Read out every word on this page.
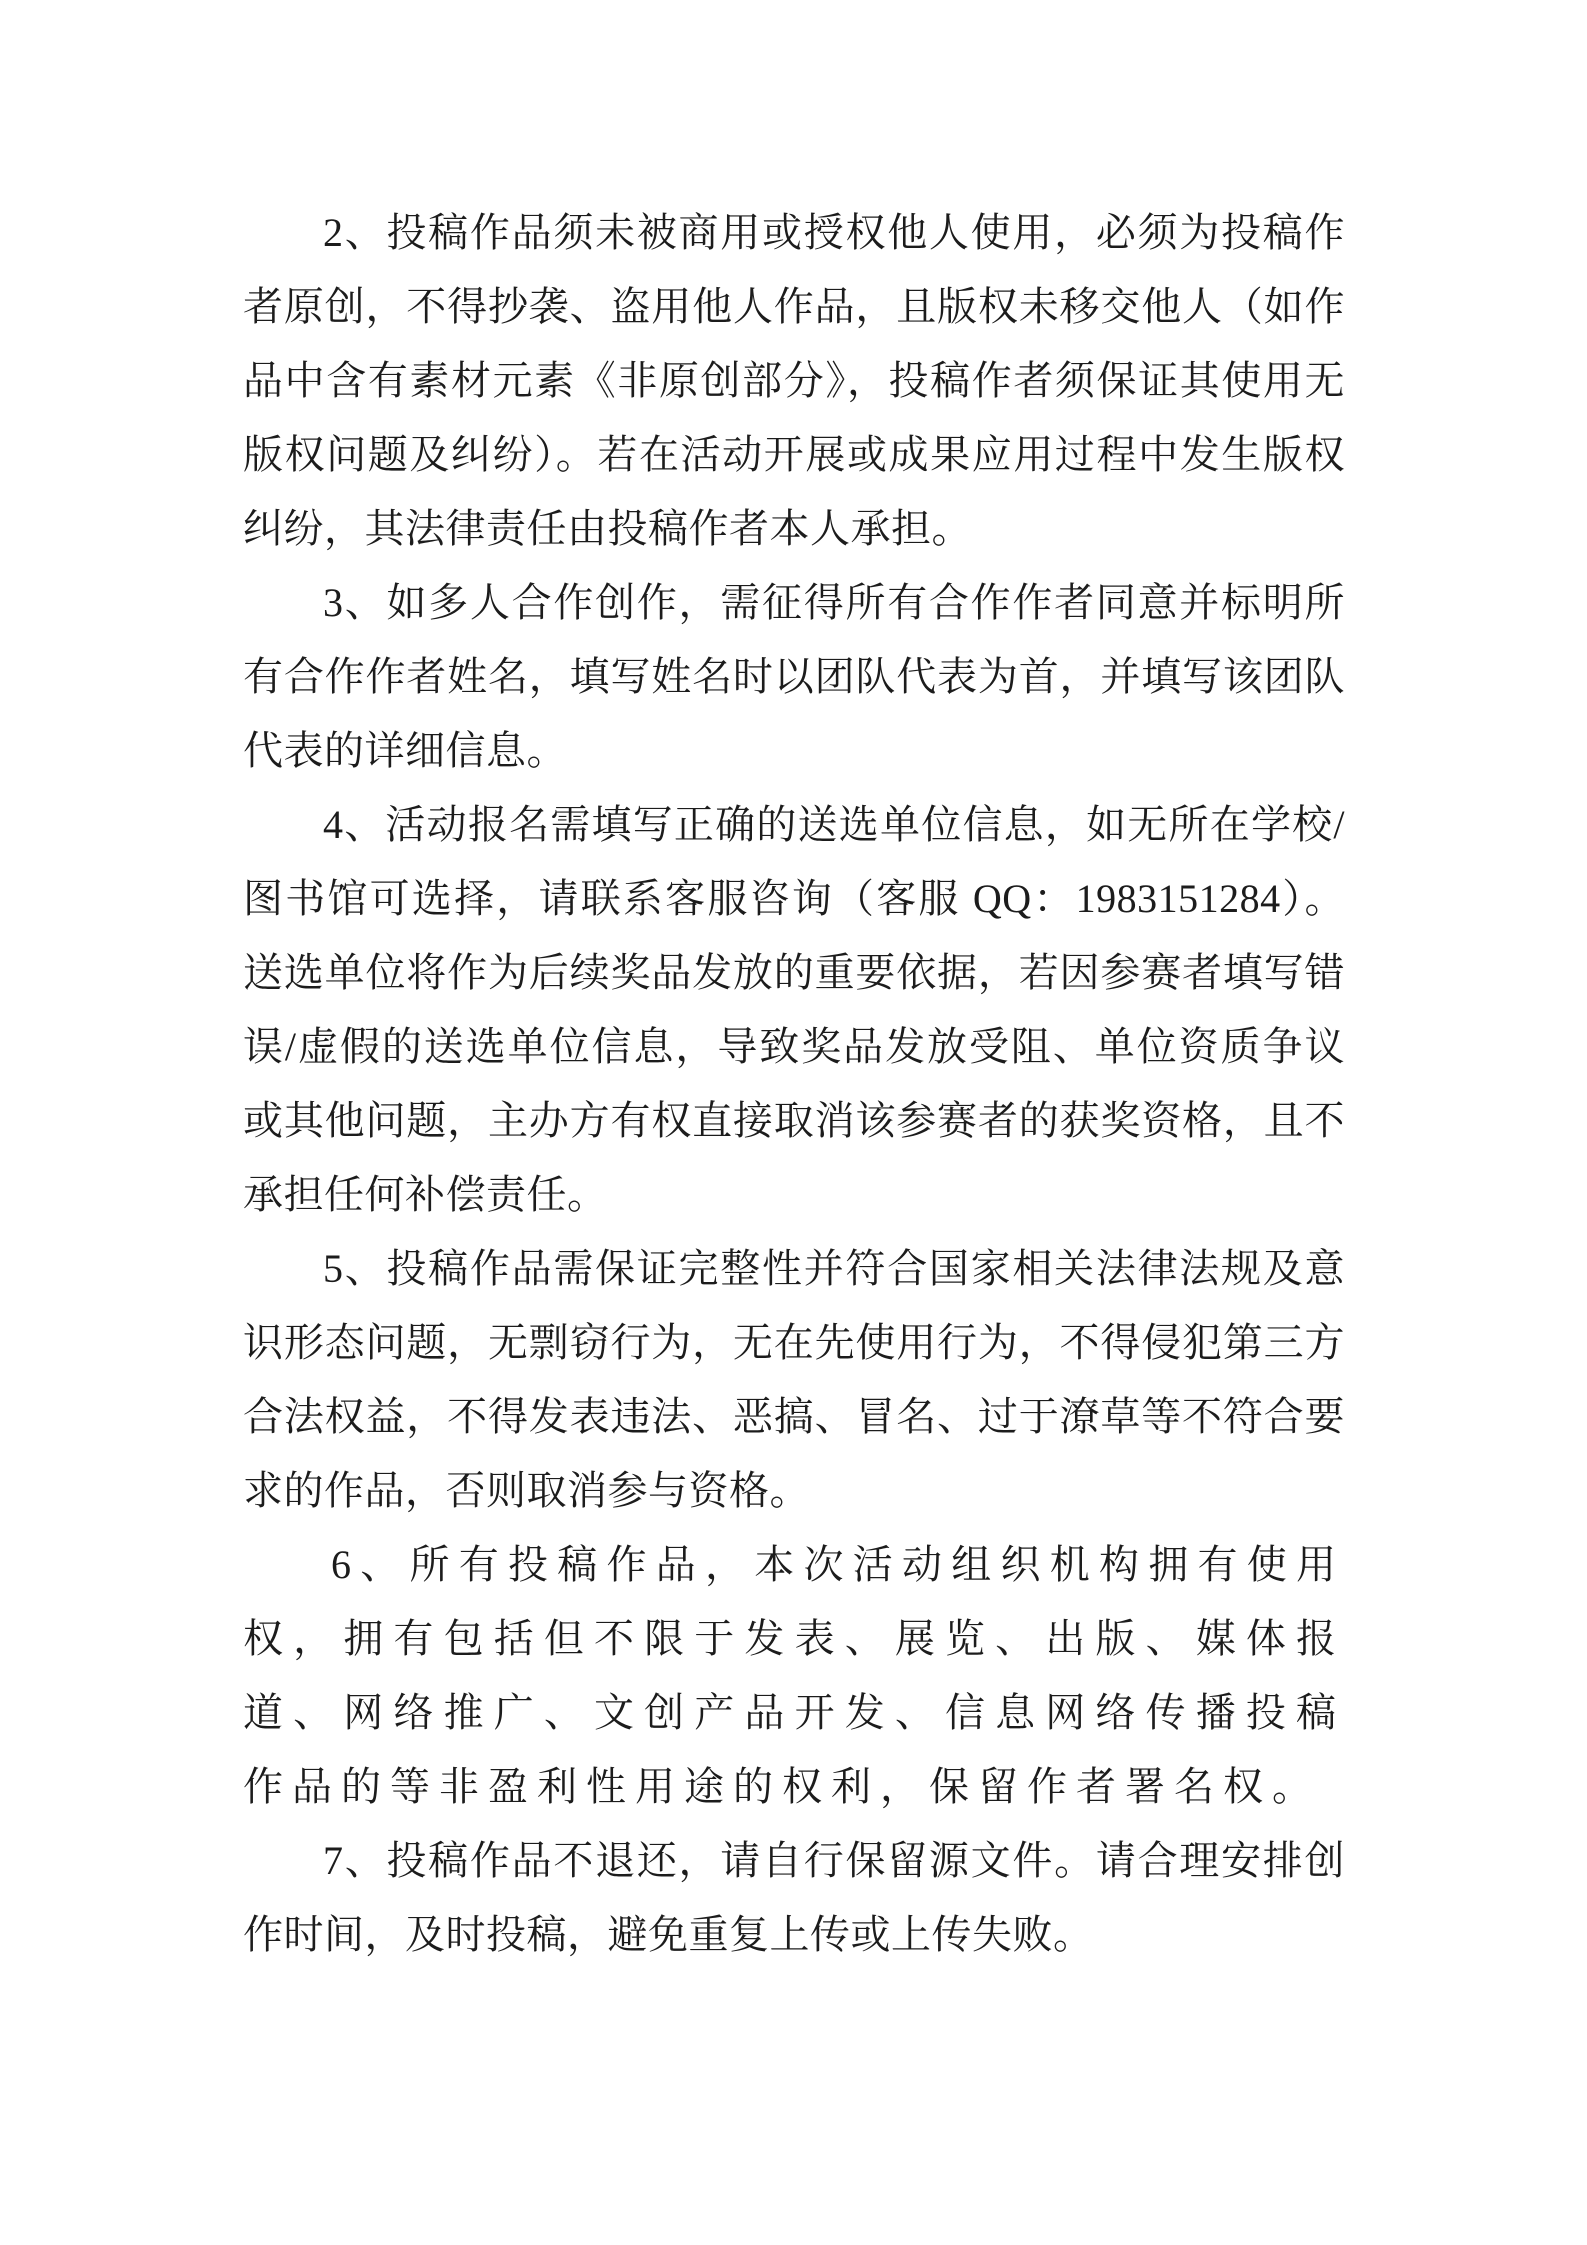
2、投稿作品须未被商用或授权他人使用，必须为投稿作者原创，不得抄袭、盗用他人作品，且版权未移交他人（如作品中含有素材元素《非原创部分》，投稿作者须保证其使用无版权问题及纠纷）。若在活动开展或成果应用过程中发生版权纠纷，其法律责任由投稿作者本人承担。

3、如多人合作创作，需征得所有合作作者同意并标明所有合作作者姓名，填写姓名时以团队代表为首，并填写该团队代表的详细信息。

4、活动报名需填写正确的送选单位信息，如无所在学校/图书馆可选择，请联系客服咨询（客服 QQ：1983151284）。送选单位将作为后续奖品发放的重要依据，若因参赛者填写错误/虚假的送选单位信息，导致奖品发放受阻、单位资质争议或其他问题，主办方有权直接取消该参赛者的获奖资格，且不承担任何补偿责任。

5、投稿作品需保证完整性并符合国家相关法律法规及意识形态问题，无剽窃行为，无在先使用行为，不得侵犯第三方合法权益，不得发表违法、恶搞、冒名、过于潦草等不符合要求的作品，否则取消参与资格。

6、所有投稿作品，本次活动组织机构拥有使用权，拥有包括但不限于发表、展览、出版、媒体报道、网络推广、文创产品开发、信息网络传播投稿作品的等非盈利性用途的权利，保留作者署名权。

7、投稿作品不退还，请自行保留源文件。请合理安排创作时间，及时投稿，避免重复上传或上传失败。
